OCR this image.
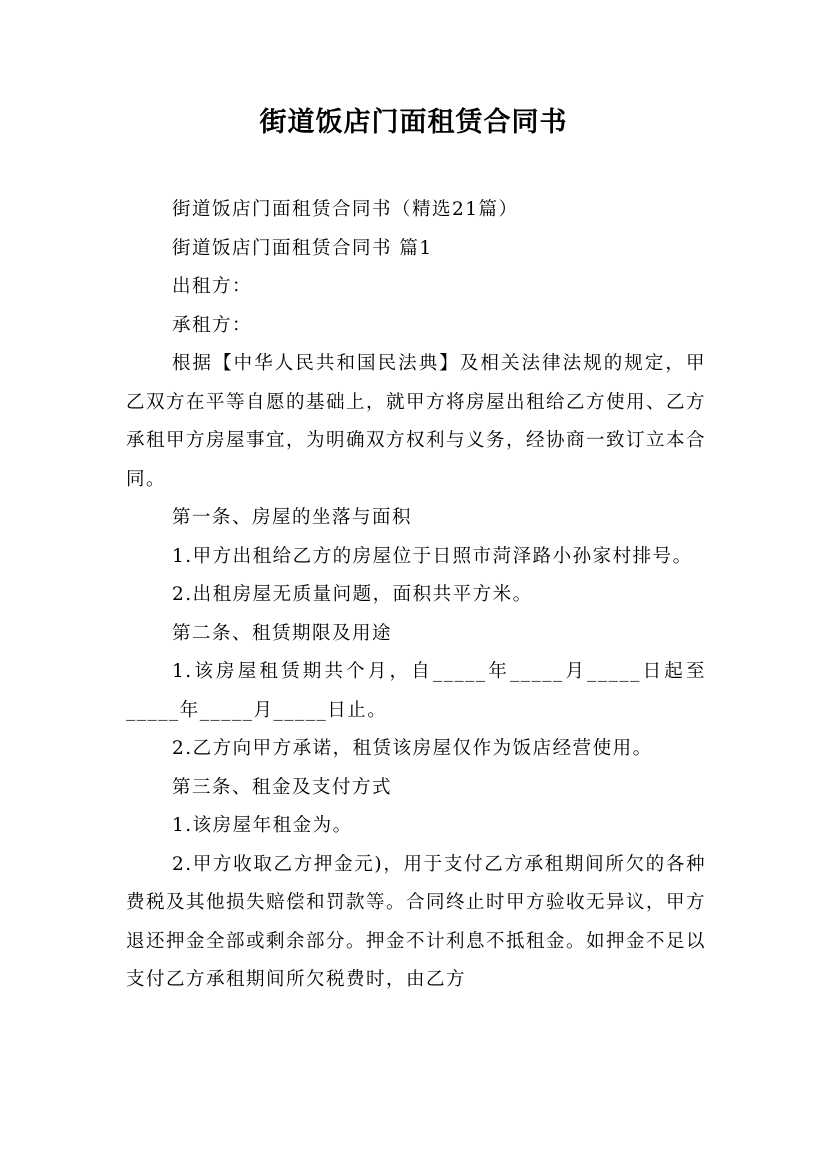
街道饭店门面租赁合同书

街道饭店门面租赁合同书（精选21篇）

街道饭店门面租赁合同书 篇1

出租方：

承租方：

根据【中华人民共和国民法典】及相关法律法规的规定，甲乙双方在平等自愿的基础上，就甲方将房屋出租给乙方使用、乙方承租甲方房屋事宜，为明确双方权利与义务，经协商一致订立本合同。

第一条、房屋的坐落与面积

1.甲方出租给乙方的房屋位于日照市菏泽路小孙家村排号。

2.出租房屋无质量问题，面积共平方米。

第二条、租赁期限及用途

1.该房屋租赁期共个月，自_____年_____月_____日起至_____年_____月_____日止。

2.乙方向甲方承诺，租赁该房屋仅作为饭店经营使用。

第三条、租金及支付方式

1.该房屋年租金为。

2.甲方收取乙方押金元)，用于支付乙方承租期间所欠的各种费税及其他损失赔偿和罚款等。合同终止时甲方验收无异议，甲方退还押金全部或剩余部分。押金不计利息不抵租金。如押金不足以支付乙方承租期间所欠税费时，由乙方
